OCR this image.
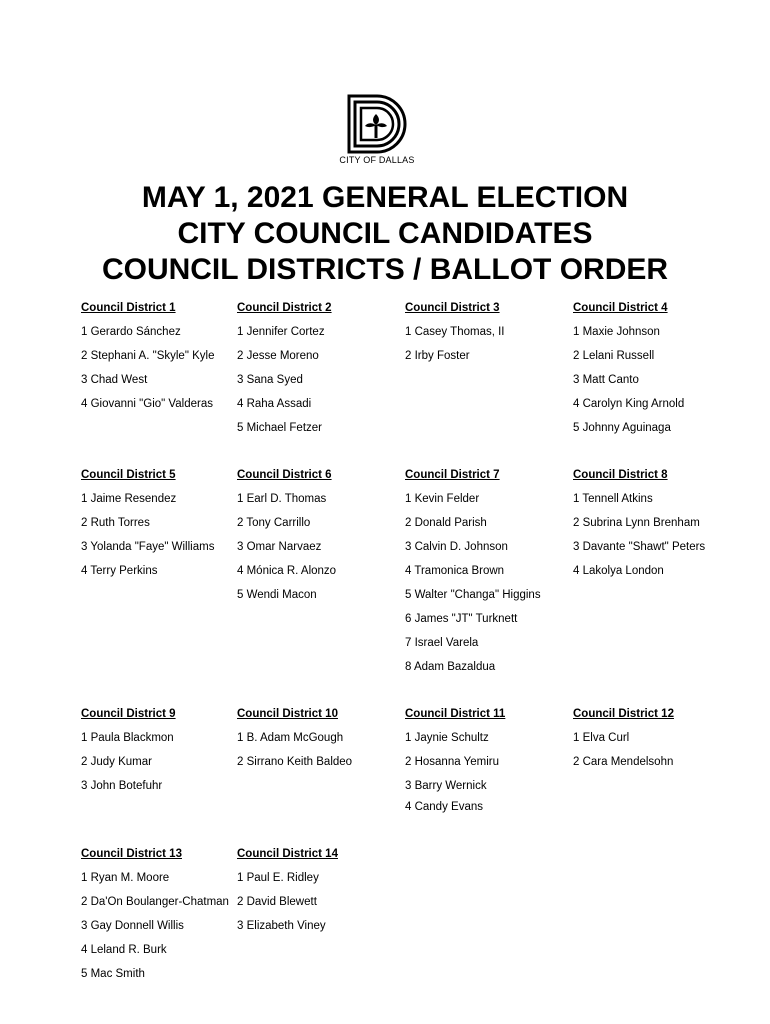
CITY OF DALLAS
MAY 1, 2021 GENERAL ELECTION
CITY COUNCIL CANDIDATES
COUNCIL DISTRICTS / BALLOT ORDER
Council District 1
1 Gerardo Sánchez
2 Stephani A. "Skyle" Kyle
3 Chad West
4 Giovanni "Gio" Valderas
Council District 2
1 Jennifer Cortez
2 Jesse Moreno
3 Sana Syed
4 Raha Assadi
5 Michael Fetzer
Council District 3
1 Casey Thomas, II
2 Irby Foster
Council District 4
1 Maxie Johnson
2 Lelani Russell
3 Matt Canto
4 Carolyn King Arnold
5 Johnny Aguinaga
Council District 5
1 Jaime Resendez
2 Ruth Torres
3 Yolanda "Faye" Williams
4 Terry Perkins
Council District 6
1 Earl D. Thomas
2 Tony Carrillo
3 Omar Narvaez
4 Mónica R. Alonzo
5 Wendi Macon
Council District 7
1 Kevin Felder
2 Donald Parish
3 Calvin D. Johnson
4 Tramonica Brown
5 Walter "Changa" Higgins
6 James "JT" Turknett
7 Israel Varela
8 Adam Bazaldua
Council District 8
1 Tennell Atkins
2 Subrina Lynn Brenham
3 Davante "Shawt" Peters
4 Lakolya London
Council District 9
1 Paula Blackmon
2 Judy Kumar
3 John Botefuhr
Council District 10
1 B. Adam McGough
2 Sirrano Keith Baldeo
Council District 11
1 Jaynie Schultz
2 Hosanna Yemiru
3 Barry Wernick
4 Candy Evans
Council District 12
1 Elva Curl
2 Cara Mendelsohn
Council District 13
1 Ryan M. Moore
2 Da'On Boulanger-Chatman
3 Gay Donnell Willis
4 Leland R. Burk
5 Mac Smith
Council District 14
1 Paul E. Ridley
2 David Blewett
3 Elizabeth Viney
